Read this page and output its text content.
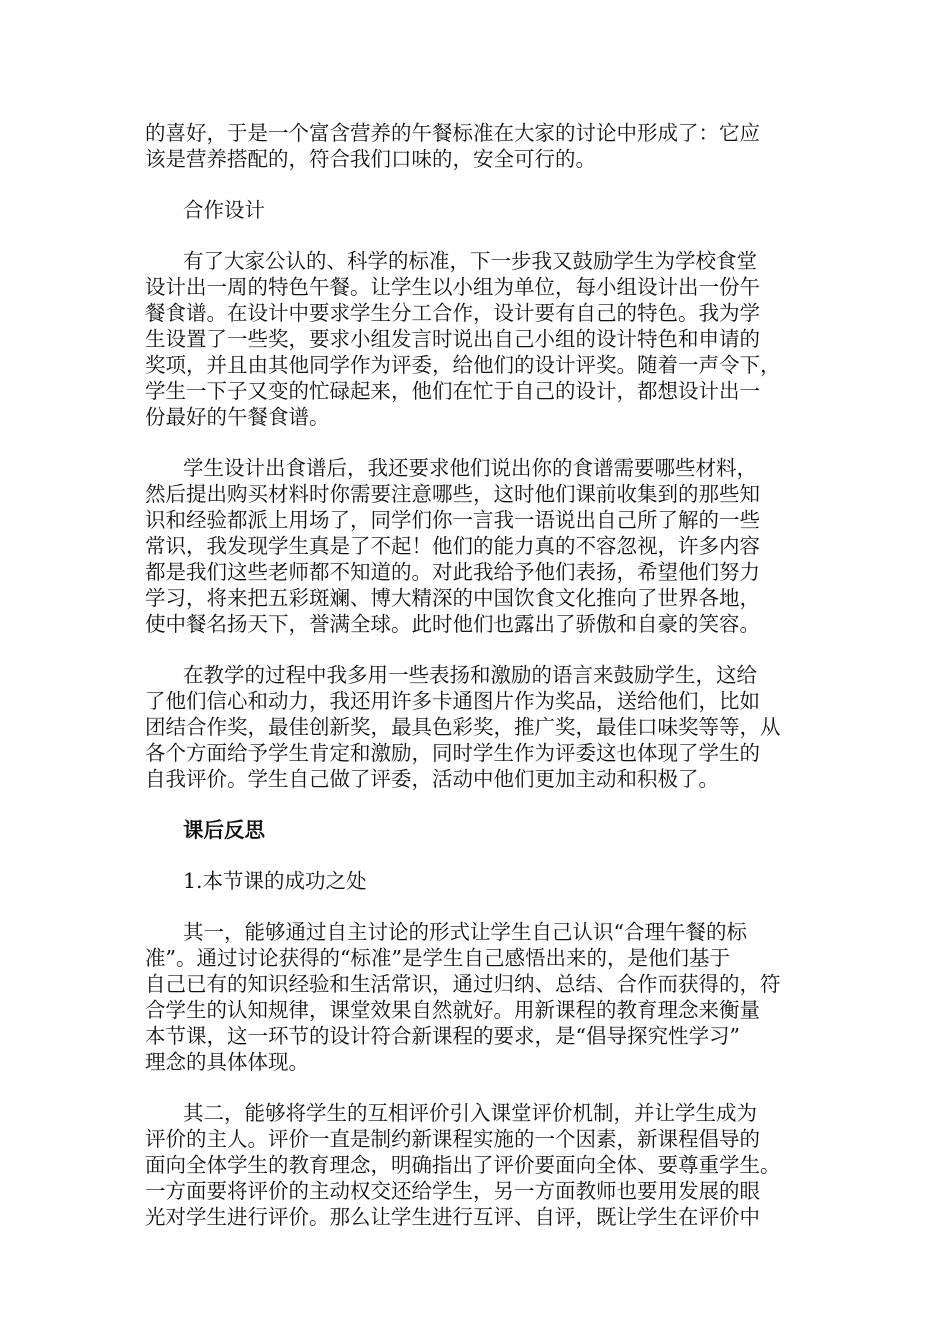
的喜好，于是一个富含营养的午餐标准在大家的讨论中形成了：它应
该是营养搭配的，符合我们口味的，安全可行的。
合作设计
有了大家公认的、科学的标准，下一步我又鼓励学生为学校食堂
设计出一周的特色午餐。让学生以小组为单位，每小组设计出一份午
餐食谱。在设计中要求学生分工合作，设计要有自己的特色。我为学
生设置了一些奖，要求小组发言时说出自己小组的设计特色和申请的
奖项，并且由其他同学作为评委，给他们的设计评奖。随着一声令下，
学生一下子又变的忙碌起来，他们在忙于自己的设计，都想设计出一
份最好的午餐食谱。
学生设计出食谱后，我还要求他们说出你的食谱需要哪些材料，
然后提出购买材料时你需要注意哪些，这时他们课前收集到的那些知
识和经验都派上用场了，同学们你一言我一语说出自己所了解的一些
常识，我发现学生真是了不起！他们的能力真的不容忽视，许多内容
都是我们这些老师都不知道的。对此我给予他们表扬，希望他们努力
学习，将来把五彩斑斓、博大精深的中国饮食文化推向了世界各地，
使中餐名扬天下，誉满全球。此时他们也露出了骄傲和自豪的笑容。
在教学的过程中我多用一些表扬和激励的语言来鼓励学生，这给
了他们信心和动力，我还用许多卡通图片作为奖品，送给他们，比如
团结合作奖，最佳创新奖，最具色彩奖，推广奖，最佳口味奖等等，从
各个方面给予学生肯定和激励，同时学生作为评委这也体现了学生的
自我评价。学生自己做了评委，活动中他们更加主动和积极了。
课后反思
1.本节课的成功之处
其一，能够通过自主讨论的形式让学生自己认识“合理午餐的标
准”。通过讨论获得的“标准”是学生自己感悟出来的，是他们基于
自己已有的知识经验和生活常识，通过归纳、总结、合作而获得的，符
合学生的认知规律，课堂效果自然就好。用新课程的教育理念来衡量
本节课，这一环节的设计符合新课程的要求，是“倡导探究性学习”
理念的具体体现。
其二，能够将学生的互相评价引入课堂评价机制，并让学生成为
评价的主人。评价一直是制约新课程实施的一个因素，新课程倡导的
面向全体学生的教育理念，明确指出了评价要面向全体、要尊重学生。
一方面要将评价的主动权交还给学生，另一方面教师也要用发展的眼
光对学生进行评价。那么让学生进行互评、自评，既让学生在评价中
